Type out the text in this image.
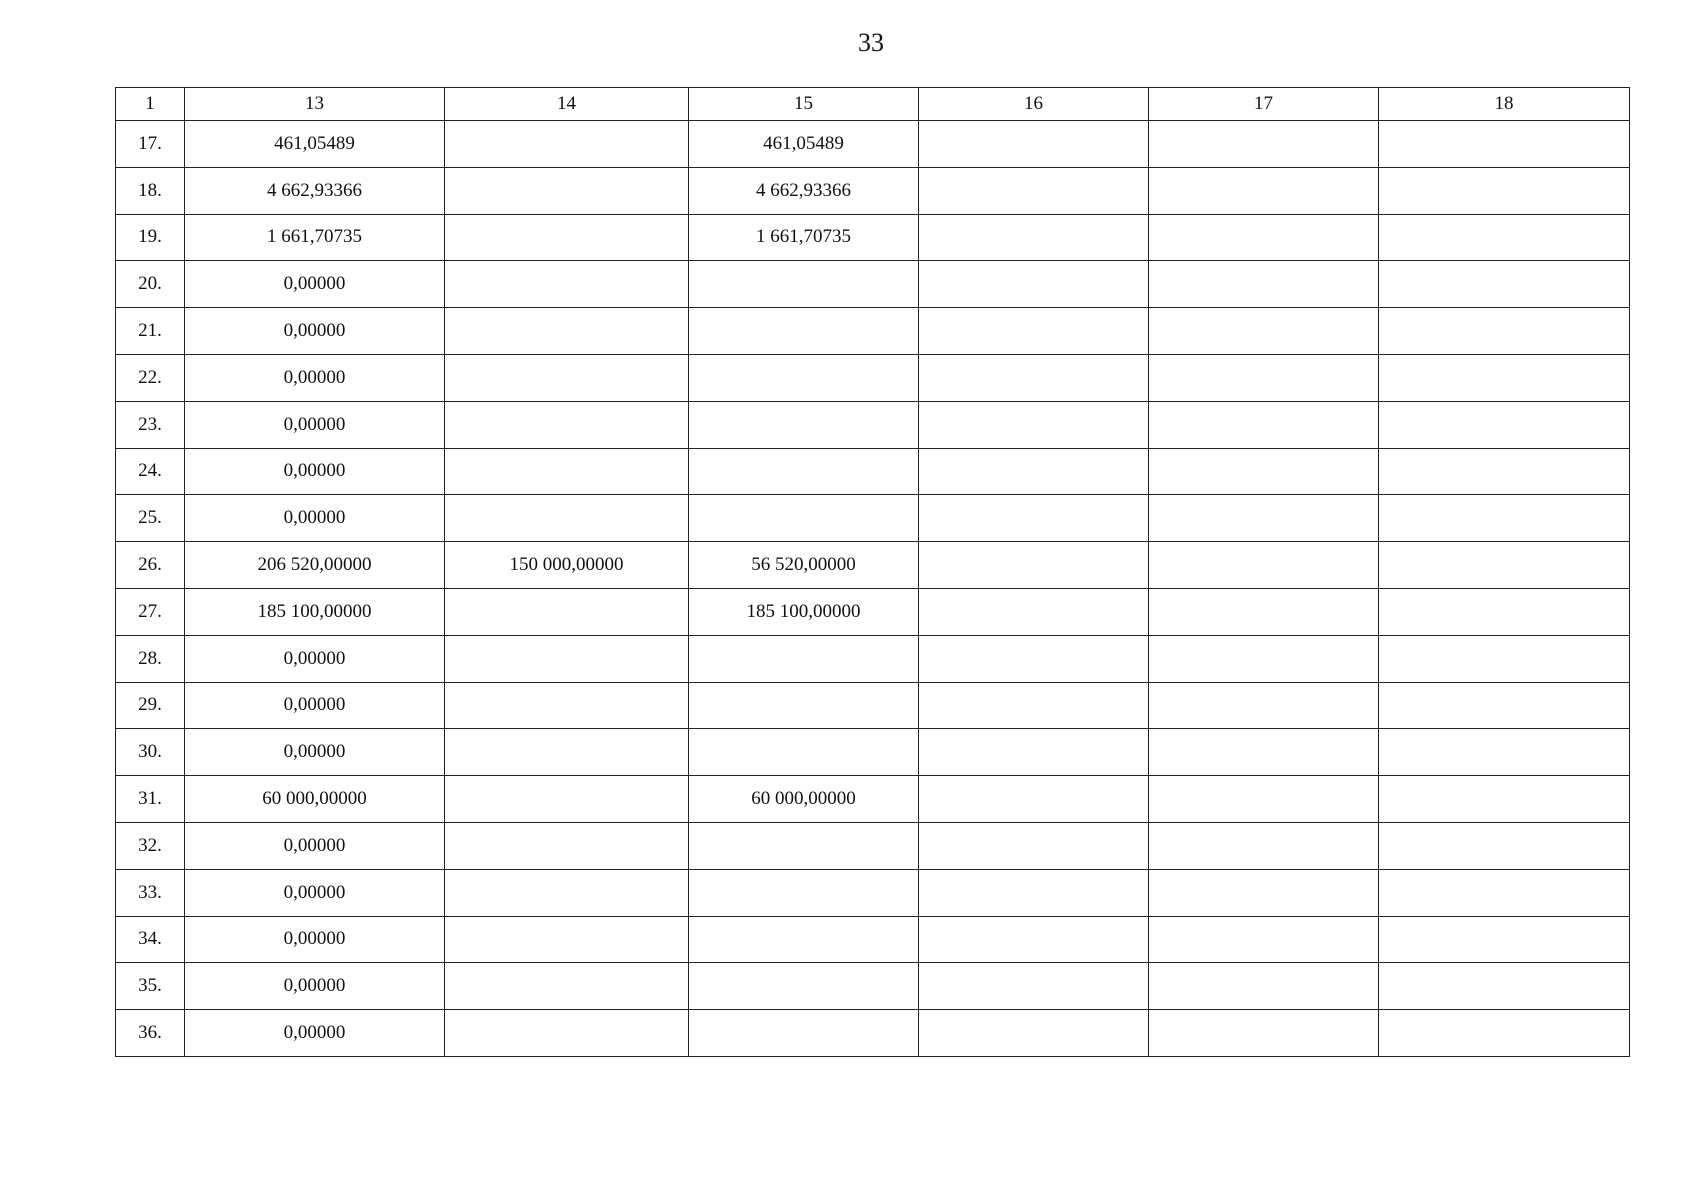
33
1	13	14	15	16	17	18
17.	461,05489		461,05489			
18.	4 662,93366		4 662,93366			
19.	1 661,70735		1 661,70735			
20.	0,00000					
21.	0,00000					
22.	0,00000					
23.	0,00000					
24.	0,00000					
25.	0,00000					
26.	206 520,00000	150 000,00000	56 520,00000			
27.	185 100,00000		185 100,00000			
28.	0,00000					
29.	0,00000					
30.	0,00000					
31.	60 000,00000		60 000,00000			
32.	0,00000					
33.	0,00000					
34.	0,00000					
35.	0,00000					
36.	0,00000					
